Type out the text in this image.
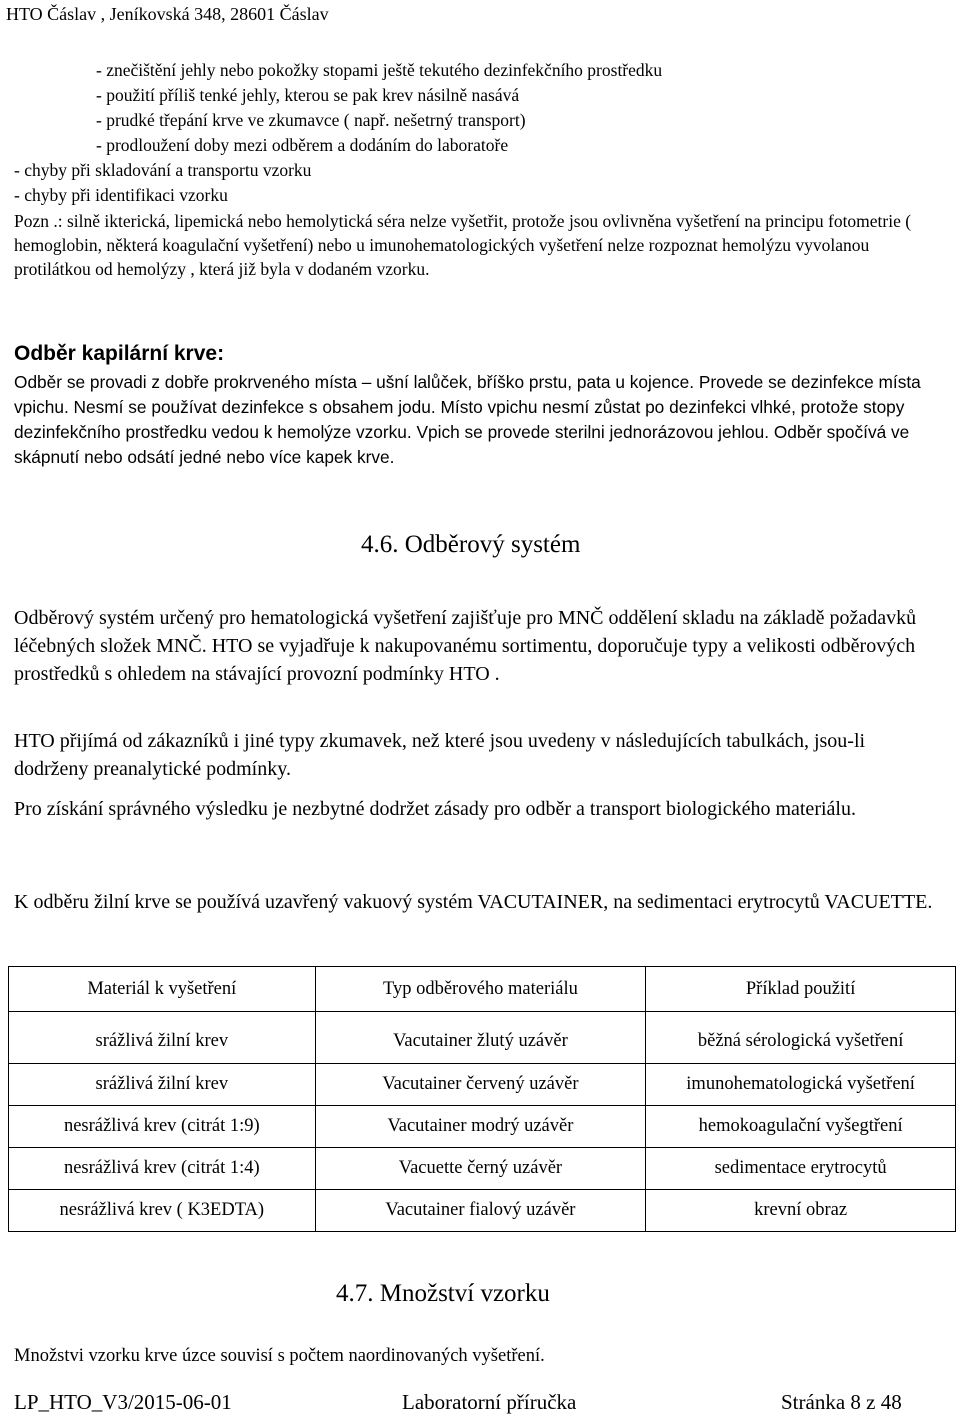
HTO Čáslav , Jeníkovská 348, 28601 Čáslav
- znečištění jehly nebo pokožky stopami ještě tekutého dezinfekčního prostředku
- použití příliš tenké jehly, kterou se pak krev násilně nasává
- prudké třepání krve ve zkumavce ( např. nešetrný transport)
- prodloužení doby mezi odběrem a dodáním do laboratoře
- chyby při skladování a transportu vzorku
- chyby při identifikaci vzorku
Pozn .: silně ikterická, lipemická nebo hemolytická séra nelze vyšetřit, protože jsou ovlivněna vyšetření na principu fotometrie ( hemoglobin, některá koagulační vyšetření) nebo u imunohematologických vyšetření nelze rozpoznat hemolýzu vyvolanou protilátkou od hemolýzy , která již byla v dodaném vzorku.
Odběr kapilární krve:
Odběr se provadi z dobře prokrveného místa – ušní lalůček, bříško prstu, pata u kojence. Provede se dezinfekce místa vpichu. Nesmí se používat dezinfekce s obsahem jodu. Místo vpichu nesmí zůstat po dezinfekci vlhké, protože stopy dezinfekčního prostředku vedou k hemolýze vzorku. Vpich se provede sterilni jednorázovou jehlou. Odběr spočívá ve skápnutí nebo odsátí jedné nebo více kapek krve.
4.6. Odběrový systém
Odběrový systém určený pro hematologická vyšetření zajišťuje pro MNČ oddělení skladu na základě požadavků léčebných složek MNČ. HTO se vyjadřuje k nakupovanému sortimentu, doporučuje typy a velikosti odběrových prostředků s ohledem na stávající provozní podmínky HTO .
HTO přijímá od zákazníků i jiné typy zkumavek, než které jsou uvedeny v následujících tabulkách, jsou-li dodrženy preanalytické podmínky.
Pro získání správného výsledku je nezbytné dodržet zásady pro odběr a transport biologického materiálu.
K odběru žilní krve se používá uzavřený vakuový systém VACUTAINER, na sedimentaci erytrocytů VACUETTE.
Materiál k vyšetření	Typ odběrového materiálu	Příklad použití
srážlivá žilní krev	Vacutainer žlutý uzávěr	běžná sérologická vyšetření
srážlivá žilní krev	Vacutainer červený uzávěr	imunohematologická vyšetření
nesrážlivá krev (citrát 1:9)	Vacutainer modrý uzávěr	hemokoagulační vyšegtření
nesrážlivá krev (citrát 1:4)	Vacuette černý uzávěr	sedimentace erytrocytů
nesrážlivá krev ( K3EDTA)	Vacutainer fialový uzávěr	krevní obraz
4.7. Množství vzorku
Množstvi vzorku krve úzce souvisí s počtem naordinovaných vyšetření.
LP_HTO_V3/2015-06-01	Laboratorní příručka	Stránka 8 z 48
